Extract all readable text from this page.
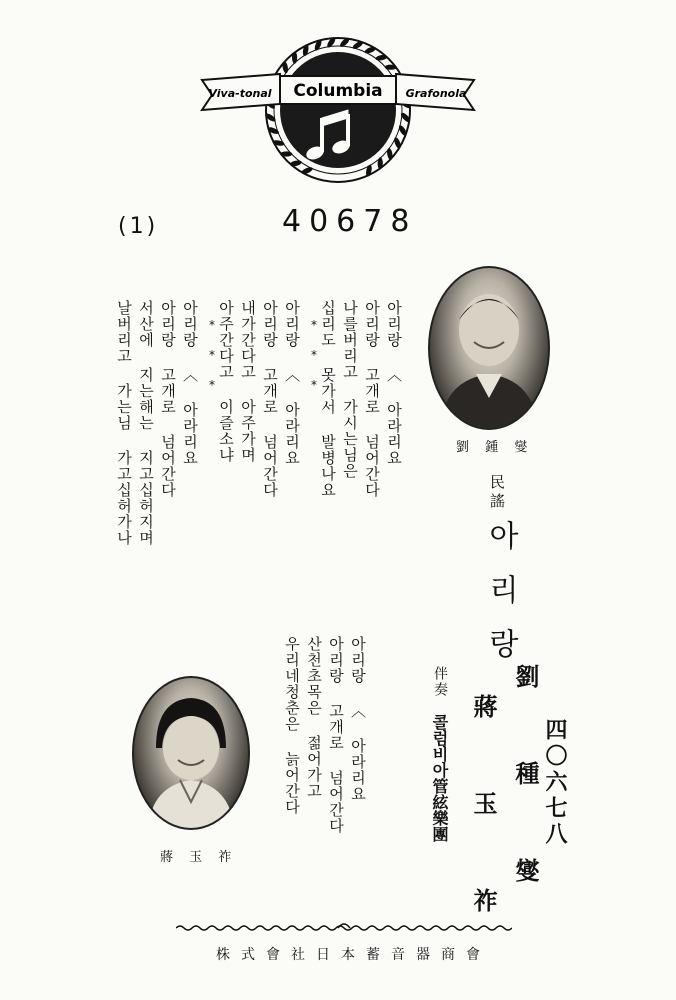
Viva-tonal Columbia Grafonola
(1)	40678
劉 鍾 燮
蔣 玉 祚
아리랑 〈 아라리요
아리랑 고개로 넘어간다
나를버리고 가시는님은
십리도 못가서 발병나요
아리랑 〈 아라리요
아리랑 고개로 넘어간다
내가간다고 아주가며
아주간다고 이즐소냐
* * *	* * *
아리랑 〈 아라리요
아리랑 고개로 넘어간다
서산에 지는해는 지고십허지며
날버리고 가는님 가고십허가나
아리랑 〈 아라리요
아리랑 고개로 넘어간다
산천초목은 젊어가고
우리네청춘은 늙어간다
民謠
아리랑
劉 種 燮
蔣 玉 祚
伴奏
콜럼비아管絃樂團	四〇六七八
株式會社日本蓄音器商會
